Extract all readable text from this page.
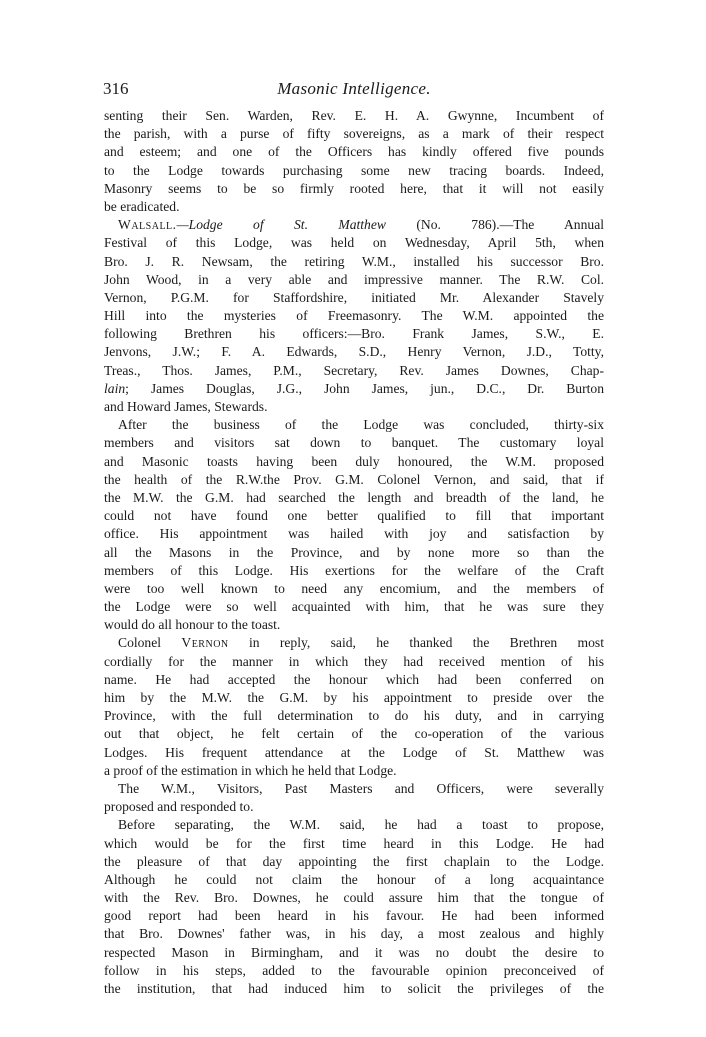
316	Masonic Intelligence.
senting their Sen. Warden, Rev. E. H. A. Gwynne, Incumbent of
the parish, with a purse of fifty sovereigns, as a mark of their respect
and esteem; and one of the Officers has kindly offered five pounds
to the Lodge towards purchasing some new tracing boards. Indeed,
Masonry seems to be so firmly rooted here, that it will not easily
be eradicated.
Walsall.—Lodge of St. Matthew (No. 786).—The Annual
Festival of this Lodge, was held on Wednesday, April 5th, when
Bro. J. R. Newsam, the retiring W.M., installed his successor Bro.
John Wood, in a very able and impressive manner. The R.W. Col.
Vernon, P.G.M. for Staffordshire, initiated Mr. Alexander Stavely
Hill into the mysteries of Freemasonry. The W.M. appointed the
following Brethren his officers:—Bro. Frank James, S.W., E.
Jenvons, J.W.; F. A. Edwards, S.D., Henry Vernon, J.D., Totty,
Treas., Thos. James, P.M., Secretary, Rev. James Downes, Chap-
lain; James Douglas, J.G., John James, jun., D.C., Dr. Burton
and Howard James, Stewards.
After the business of the Lodge was concluded, thirty-six
members and visitors sat down to banquet. The customary loyal
and Masonic toasts having been duly honoured, the W.M. proposed
the health of the R.W.the Prov. G.M. Colonel Vernon, and said, that if
the M.W. the G.M. had searched the length and breadth of the land, he
could not have found one better qualified to fill that important
office. His appointment was hailed with joy and satisfaction by
all the Masons in the Province, and by none more so than the
members of this Lodge. His exertions for the welfare of the Craft
were too well known to need any encomium, and the members of
the Lodge were so well acquainted with him, that he was sure they
would do all honour to the toast.
Colonel Vernon in reply, said, he thanked the Brethren most
cordially for the manner in which they had received mention of his
name. He had accepted the honour which had been conferred on
him by the M.W. the G.M. by his appointment to preside over the
Province, with the full determination to do his duty, and in carrying
out that object, he felt certain of the co-operation of the various
Lodges. His frequent attendance at the Lodge of St. Matthew was
a proof of the estimation in which he held that Lodge.
The W.M., Visitors, Past Masters and Officers, were severally
proposed and responded to.
Before separating, the W.M. said, he had a toast to propose,
which would be for the first time heard in this Lodge. He had
the pleasure of that day appointing the first chaplain to the Lodge.
Although he could not claim the honour of a long acquaintance
with the Rev. Bro. Downes, he could assure him that the tongue of
good report had been heard in his favour. He had been informed
that Bro. Downes' father was, in his day, a most zealous and highly
respected Mason in Birmingham, and it was no doubt the desire to
follow in his steps, added to the favourable opinion preconceived of
the institution, that had induced him to solicit the privileges of the
